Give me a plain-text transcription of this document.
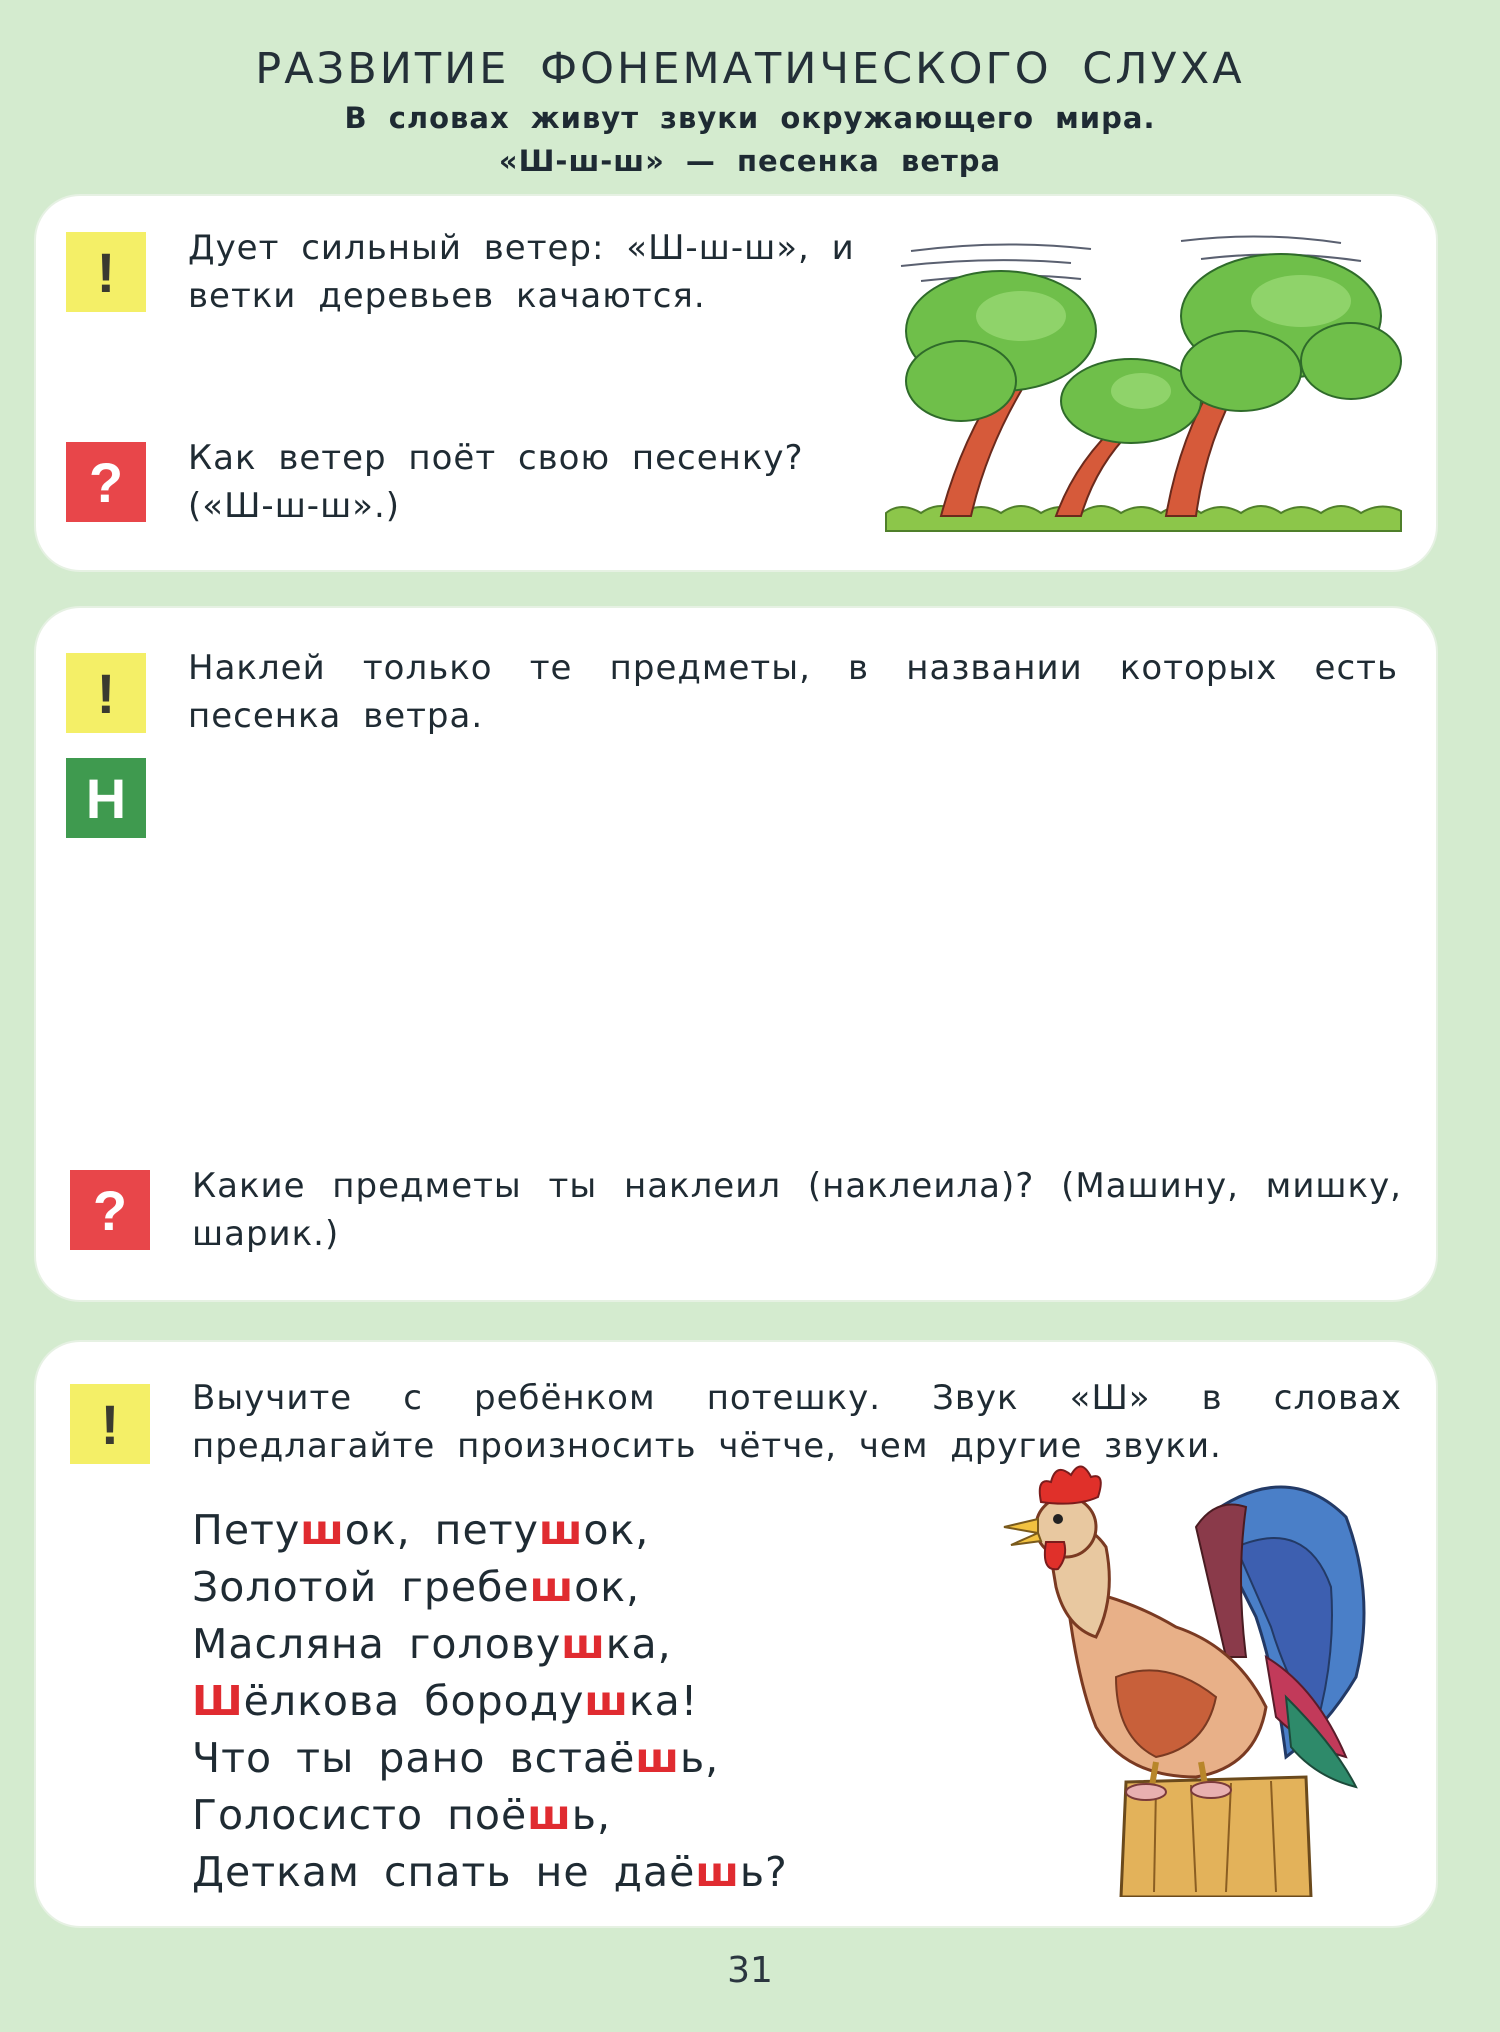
РАЗВИТИЕ ФОНЕМАТИЧЕСКОГО СЛУХА
В словах живут звуки окружающего мира.
«Ш-ш-ш» — песенка ветра
!	Дует сильный ветер: «Ш-ш-ш», и ветки деревьев качаются.
?	Как ветер поёт свою песенку? («Ш-ш-ш».)
!	Наклей только те предметы, в названии которых есть песенка ветра.
Н
?	Какие предметы ты наклеил (наклеила)? (Машину, мишку, шарик.)
!	Выучите с ребёнком потешку. Звук «Ш» в словах предлагайте произносить чётче, чем другие звуки.
Петушок, петушок,
Золотой гребешок,
Масляна головушка,
Шёлкова бородушка!
Что ты рано встаёшь,
Голосисто поёшь,
Деткам спать не даёшь?
31
